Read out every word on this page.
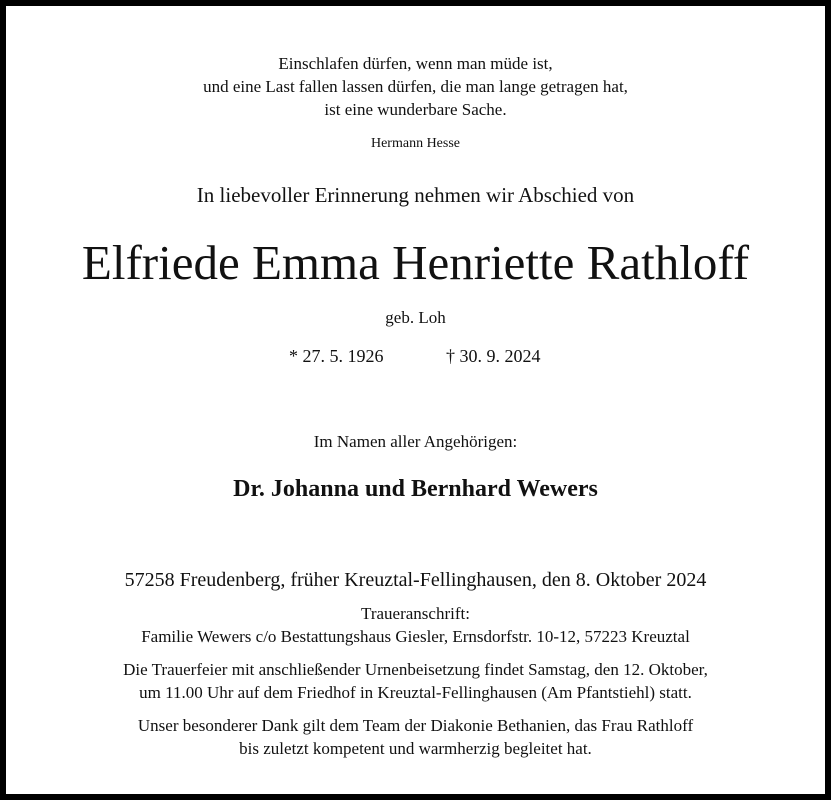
Einschlafen dürfen, wenn man müde ist,
und eine Last fallen lassen dürfen, die man lange getragen hat,
ist eine wunderbare Sache.
Hermann Hesse
In liebevoller Erinnerung nehmen wir Abschied von
Elfriede Emma Henriette Rathloff
geb. Loh
* 27. 5. 1926	† 30. 9. 2024
Im Namen aller Angehörigen:
Dr. Johanna und Bernhard Wewers
57258 Freudenberg, früher Kreuztal-Fellinghausen, den 8. Oktober 2024
Traueranschrift:
Familie Wewers c/o Bestattungshaus Giesler, Ernsdorfstr. 10-12, 57223 Kreuztal
Die Trauerfeier mit anschließender Urnenbeisetzung findet Samstag, den 12. Oktober,
um 11.00 Uhr auf dem Friedhof in Kreuztal-Fellinghausen (Am Pfantstiehl) statt.
Unser besonderer Dank gilt dem Team der Diakonie Bethanien, das Frau Rathloff
bis zuletzt kompetent und warmherzig begleitet hat.
